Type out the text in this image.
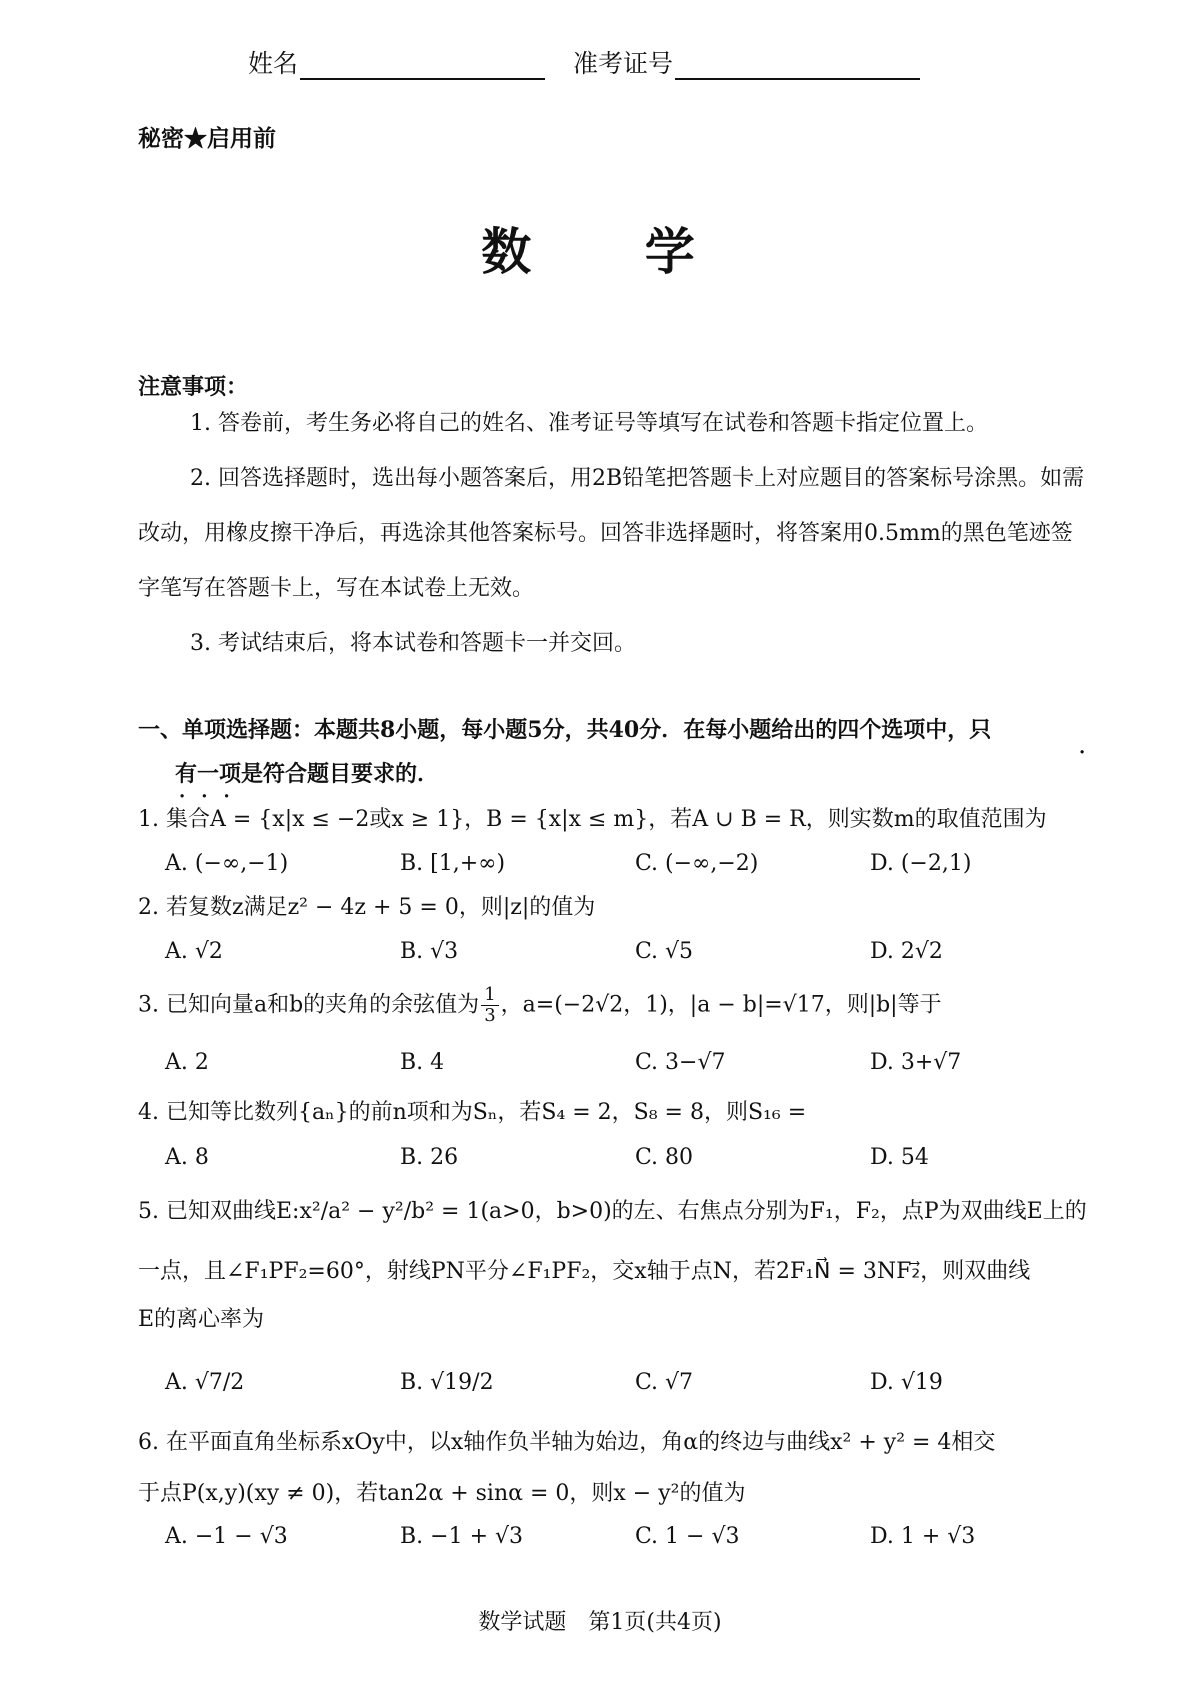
姓名	准考证号
秘密★启用前
数 学
注意事项：
1. 答卷前，考生务必将自己的姓名、准考证号等填写在试卷和答题卡指定位置上。
2. 回答选择题时，选出每小题答案后，用2B铅笔把答题卡上对应题目的答案标号涂黑。如需改动，用橡皮擦干净后，再选涂其他答案标号。回答非选择题时，将答案用0.5mm的黑色笔迹签字笔写在答题卡上，写在本试卷上无效。
3. 考试结束后，将本试卷和答题卡一并交回。
一、单项选择题：本题共8小题，每小题5分，共40分．在每小题给出的四个选项中，只
有一项是符合题目要求的．
·
···
1. 集合A = {x|x ≤ −2或x ≥ 1}，B = {x|x ≤ m}，若A ∪ B = R，则实数m的取值范围为
A. (−∞,−1)	B. [1,+∞)	C. (−∞,−2)	D. (−2,1)
2. 若复数z满足z² − 4z + 5 = 0，则|z|的值为
A. √2	B. √3	C. √5	D. 2√2
3. 已知向量a和b的夹角的余弦值为 $\frac{1}{3}$ ，a=(−2√2，1)，|a − b|=√17，则|b|等于
A. 2	B. 4	C. 3−√7	D. 3+√7
4. 已知等比数列{aₙ}的前n项和为Sₙ，若S₄ = 2，S₈ = 8，则S₁₆ =
A. 8	B. 26	C. 80	D. 54
5. 已知双曲线E:x²/a² − y²/b² = 1(a>0，b>0)的左、右焦点分别为F₁，F₂，点P为双曲线E上的
一点，且∠F₁PF₂=60°，射线PN平分∠F₁PF₂，交x轴于点N，若2F₁N⃗ = 3NF₂⃗，则双曲线
E的离心率为
A. √7/2	B. √19/2	C. √7	D. √19
6. 在平面直角坐标系xOy中，以x轴作负半轴为始边，角α的终边与曲线x² + y² = 4相交
于点P(x,y)(xy ≠ 0)，若tan2α + sinα = 0，则x − y²的值为
A. −1 − √3	B. −1 + √3	C. 1 − √3	D. 1 + √3
数学试题　第1页(共4页)
